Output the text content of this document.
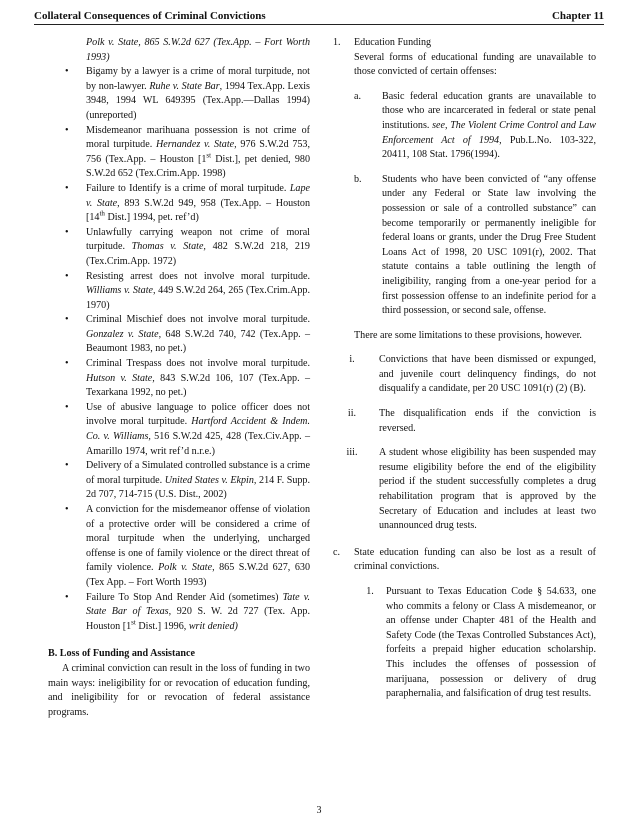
Collateral Consequences of Criminal Convictions	Chapter 11
Polk v. State, 865 S.W.2d 627 (Tex.App. – Fort Worth 1993)
• Bigamy by a lawyer is a crime of moral turpitude, not by non-lawyer. Ruhe v. State Bar, 1994 Tex.App. Lexis 3948, 1994 WL 649395 (Tex.App.—Dallas 1994) (unreported)
• Misdemeanor marihuana possession is not crime of moral turpitude. Hernandez v. State, 976 S.W.2d 753, 756 (Tex.App. – Houston [1st Dist.], pet denied, 980 S.W.2d 652 (Tex.Crim.App. 1998)
• Failure to Identify is a crime of moral turpitude. Lape v. State, 893 S.W.2d 949, 958 (Tex.App. – Houston [14th Dist.] 1994, pet. ref’d)
• Unlawfully carrying weapon not crime of moral turpitude. Thomas v. State, 482 S.W.2d 218, 219 (Tex.Crim.App. 1972)
• Resisting arrest does not involve moral turpitude. Williams v. State, 449 S.W.2d 264, 265 (Tex.Crim.App. 1970)
• Criminal Mischief does not involve moral turpitude. Gonzalez v. State, 648 S.W.2d 740, 742 (Tex.App. – Beaumont 1983, no pet.)
• Criminal Trespass does not involve moral turpitude. Hutson v. State, 843 S.W.2d 106, 107 (Tex.App. – Texarkana 1992, no pet.)
• Use of abusive language to police officer does not involve moral turpitude. Hartford Accident & Indem. Co. v. Williams, 516 S.W.2d 425, 428 (Tex.Civ.App. – Amarillo 1974, writ ref’d n.r.e.)
• Delivery of a Simulated controlled substance is a crime of moral turpitude. United States v. Ekpin, 214 F. Supp. 2d 707, 714-715 (U.S. Dist., 2002)
• A conviction for the misdemeanor offense of violation of a protective order will be considered a crime of moral turpitude when the underlying, uncharged offense is one of family violence or the direct threat of family violence. Polk v. State, 865 S.W.2d 627, 630 (Tex App. – Fort Worth 1993)
• Failure To Stop And Render Aid (sometimes) Tate v. State Bar of Texas, 920 S. W. 2d 727 (Tex. App. Houston [1st Dist.] 1996, writ denied)
B. Loss of Funding and Assistance
A criminal conviction can result in the loss of funding in two main ways: ineligibility for or revocation of education funding, and ineligibility for or revocation of federal assistance programs.
1.	Education Funding
Several forms of educational funding are unavailable to those convicted of certain offenses:
a.	Basic federal education grants are unavailable to those who are incarcerated in federal or state penal institutions. see, The Violent Crime Control and Law Enforcement Act of 1994, Pub.L.No. 103-322, 20411, 108 Stat. 1796(1994).
b.	Students who have been convicted of “any offense under any Federal or State law involving the possession or sale of a controlled substance” can become temporarily or permanently ineligible for federal loans or grants, under the Drug Free Student Loans Act of 1998, 20 USC 1091(r), 2002. That statute contains a table outlining the length of ineligibility, ranging from a one-year period for a first possession offense to an indefinite period for a third possession, or second sale, offense.
There are some limitations to these provisions, however.
i.	Convictions that have been dismissed or expunged, and juvenile court delinquency findings, do not disqualify a candidate, per 20 USC 1091(r) (2) (B).
ii.	The disqualification ends if the conviction is reversed.
iii.	A student whose eligibility has been suspended may resume eligibility before the end of the eligibility period if the student successfully completes a drug rehabilitation program that is approved by the Secretary of Education and includes at least two unannounced drug tests.
c.	State education funding can also be lost as a result of criminal convictions.
1.	Pursuant to Texas Education Code § 54.633, one who commits a felony or Class A misdemeanor, or an offense under Chapter 481 of the Health and Safety Code (the Texas Controlled Substances Act), forfeits a prepaid higher education scholarship. This includes the offenses of possession of marijuana, possession or delivery of drug paraphernalia, and falsification of drug test results.
3
